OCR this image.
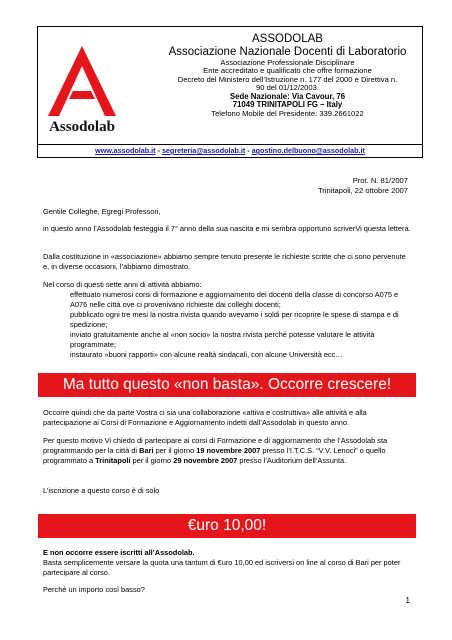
Assodolab
ASSODOLAB
Associazione Nazionale Docenti di Laboratorio
Associazione Professionale Disciplinare
Ente accreditato e qualificato che offre formazione
Decreto del Ministero dell’Istruzione n. 177 del 2000 e Direttiva n.
90 del 01/12/2003.
Sede Nazionale: Via Cavour, 76
71049 TRINITAPOLI FG – Italy
Telefono Mobile del Presidente: 339.2661022
www.assodolab.it - segreteria@assodolab.it - agostino.delbuono@assodolab.it
Prot. N. 81/2007
Trinitapoli, 22 ottobre 2007
Gentile Colleghe, Egregi Professori,
in questo anno l’Assodolab festeggia il 7° anno della sua nascita e mi sembra opportuno scriverVi questa lettera.
Dalla costituzione in «associazione» abbiamo sempre tenuto presente le richieste scritte che ci sono pervenute e, in diverse occasioni, l’abbiamo dimostrato.
Nel corso di questi sette anni di attività abbiamo:
effettuato numerosi corsi di formazione e aggiornamento dei docenti della classe di concorso A075 e A076 nelle città ove ci provenivano richieste dai colleghi docenti;
pubblicato ogni tre mesi la nostra rivista quando avevamo i soldi per ricoprire le spese di stampa e di spedizione;
inviato gratuitamente anche al «non socio» la nostra rivista perché potesse valutare le attività programmate;
instaurato «buoni rapporti» con alcune realtà sindacali, con alcune Università ecc…
Ma tutto questo «non basta». Occorre crescere!
Occorre quindi che da parte Vostra ci sia una collaborazione «attiva e costruttiva» alle attività e alla partecipazione ai Corsi di Formazione e Aggiornamento indetti dall’Assodolab in questo anno.
Per questo motivo Vi chiedo di partecipare ai corsi di Formazione e di aggiornamento che l’Assodolab sta programmando per la città di Bari per il giorno 19 novembre 2007 presso l’I.T.C.S. “V.V. Lenoci” o quello programmato a Trinitapoli per il giorno 29 novembre 2007 presso l’Auditorium dell’Assunta.
L’iscrizione a questo corso è di solo
€uro 10,00!
E non occorre essere iscritti all’Assodolab.
Basta semplicemente versare la quota una tantum di €uro 10,00 ed iscriversi on line al corso di Bari per poter partecipare al corso.
Perché un importo così basso?
1
